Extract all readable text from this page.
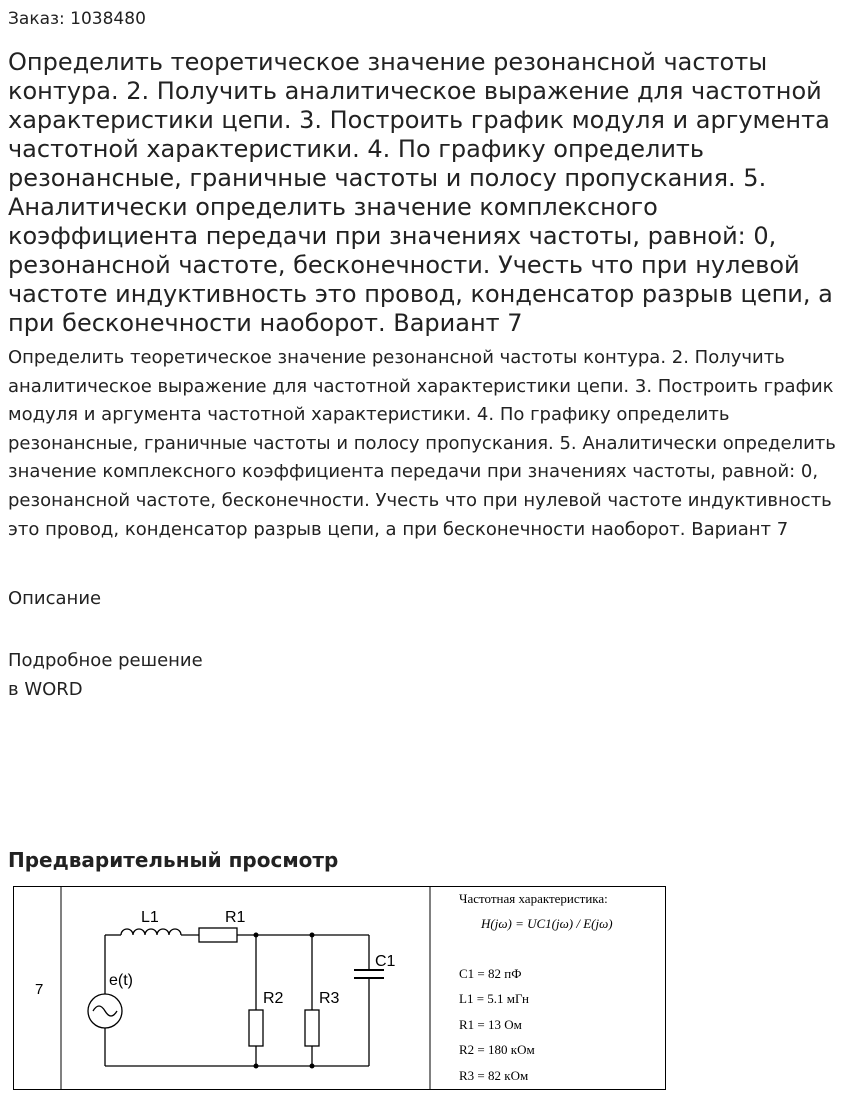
Заказ: 1038480
Определить теоретическое значение резонансной частоты контура. 2. Получить аналитическое выражение для частотной характеристики цепи. 3. Построить график модуля и аргумента частотной характеристики. 4. По графику определить резонансные, граничные частоты и полосу пропускания. 5. Аналитически определить значение комплексного коэффициента передачи при значениях частоты, равной: 0, резонансной частоте, бесконечности. Учесть что при нулевой частоте индуктивность это провод, конденсатор разрыв цепи, а при бесконечности наоборот. Вариант 7

Определить теоретическое значение резонансной частоты контура. 2. Получить аналитическое выражение для частотной характеристики цепи. 3. Построить график модуля и аргумента частотной характеристики. 4. По графику определить резонансные, граничные частоты и полосу пропускания. 5. Аналитически определить значение комплексного коэффициента передачи при значениях частоты, равной: 0, резонансной частоте, бесконечности. Учесть что при нулевой частоте индуктивность это провод, конденсатор разрыв цепи, а при бесконечности наоборот. Вариант 7

Описание
Подробное решение
в WORD
Предварительный просмотр
7
L1	R1
C1
R2 R3
e(t)
Частотная характеристика:
H(jω) = UC1(jω) / E(jω)
C1 = 82 пФ
L1 = 5.1 мГн
R1 = 13 Ом
R2 = 180 кОм
R3 = 82 кОм
